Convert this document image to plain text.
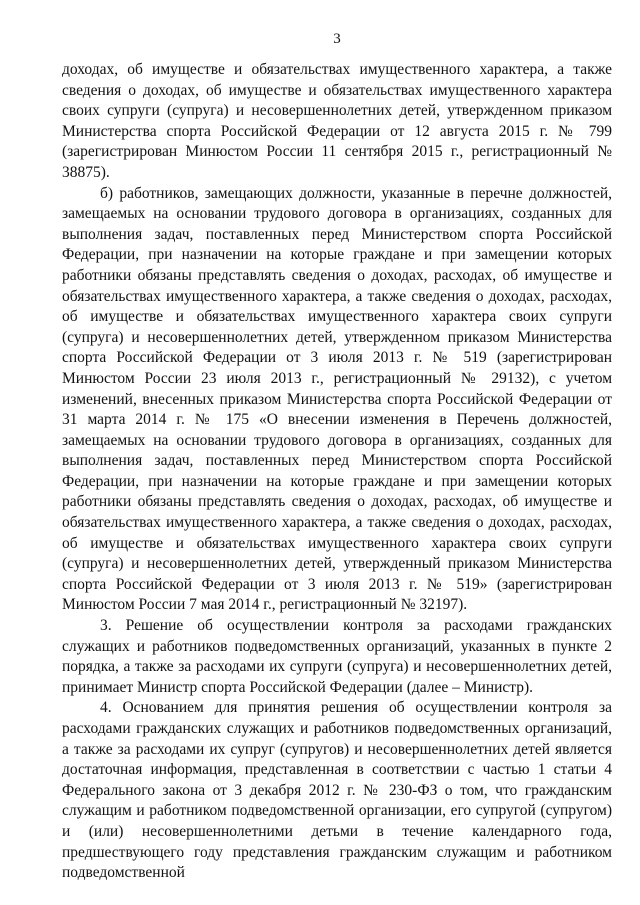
3

доходах, об имуществе и обязательствах имущественного характера, а также сведения о доходах, об имуществе и обязательствах имущественного характера своих супруги (супруга) и несовершеннолетних детей, утвержденном приказом Министерства спорта Российской Федерации от 12 августа 2015 г. № 799 (зарегистрирован Минюстом России 11 сентября 2015 г., регистрационный № 38875).

б) работников, замещающих должности, указанные в перечне должностей, замещаемых на основании трудового договора в организациях, созданных для выполнения задач, поставленных перед Министерством спорта Российской Федерации, при назначении на которые граждане и при замещении которых работники обязаны представлять сведения о доходах, расходах, об имуществе и обязательствах имущественного характера, а также сведения о доходах, расходах, об имуществе и обязательствах имущественного характера своих супруги (супруга) и несовершеннолетних детей, утвержденном приказом Министерства спорта Российской Федерации от 3 июля 2013 г. № 519 (зарегистрирован Минюстом России 23 июля 2013 г., регистрационный № 29132), с учетом изменений, внесенных приказом Министерства спорта Российской Федерации от 31 марта 2014 г. № 175 «О внесении изменения в Перечень должностей, замещаемых на основании трудового договора в организациях, созданных для выполнения задач, поставленных перед Министерством спорта Российской Федерации, при назначении на которые граждане и при замещении которых работники обязаны представлять сведения о доходах, расходах, об имуществе и обязательствах имущественного характера, а также сведения о доходах, расходах, об имуществе и обязательствах имущественного характера своих супруги (супруга) и несовершеннолетних детей, утвержденный приказом Министерства спорта Российской Федерации от 3 июля 2013 г. № 519» (зарегистрирован Минюстом России 7 мая 2014 г., регистрационный № 32197).

3. Решение об осуществлении контроля за расходами гражданских служащих и работников подведомственных организаций, указанных в пункте 2 порядка, а также за расходами их супруги (супруга) и несовершеннолетних детей, принимает Министр спорта Российской Федерации (далее – Министр).

4. Основанием для принятия решения об осуществлении контроля за расходами гражданских служащих и работников подведомственных организаций, а также за расходами их супруг (супругов) и несовершеннолетних детей является достаточная информация, представленная в соответствии с частью 1 статьи 4 Федерального закона от 3 декабря 2012 г. № 230-ФЗ о том, что гражданским служащим и работником подведомственной организации, его супругой (супругом) и (или) несовершеннолетними детьми в течение календарного года, предшествующего году представления гражданским служащим и работником подведомственной
